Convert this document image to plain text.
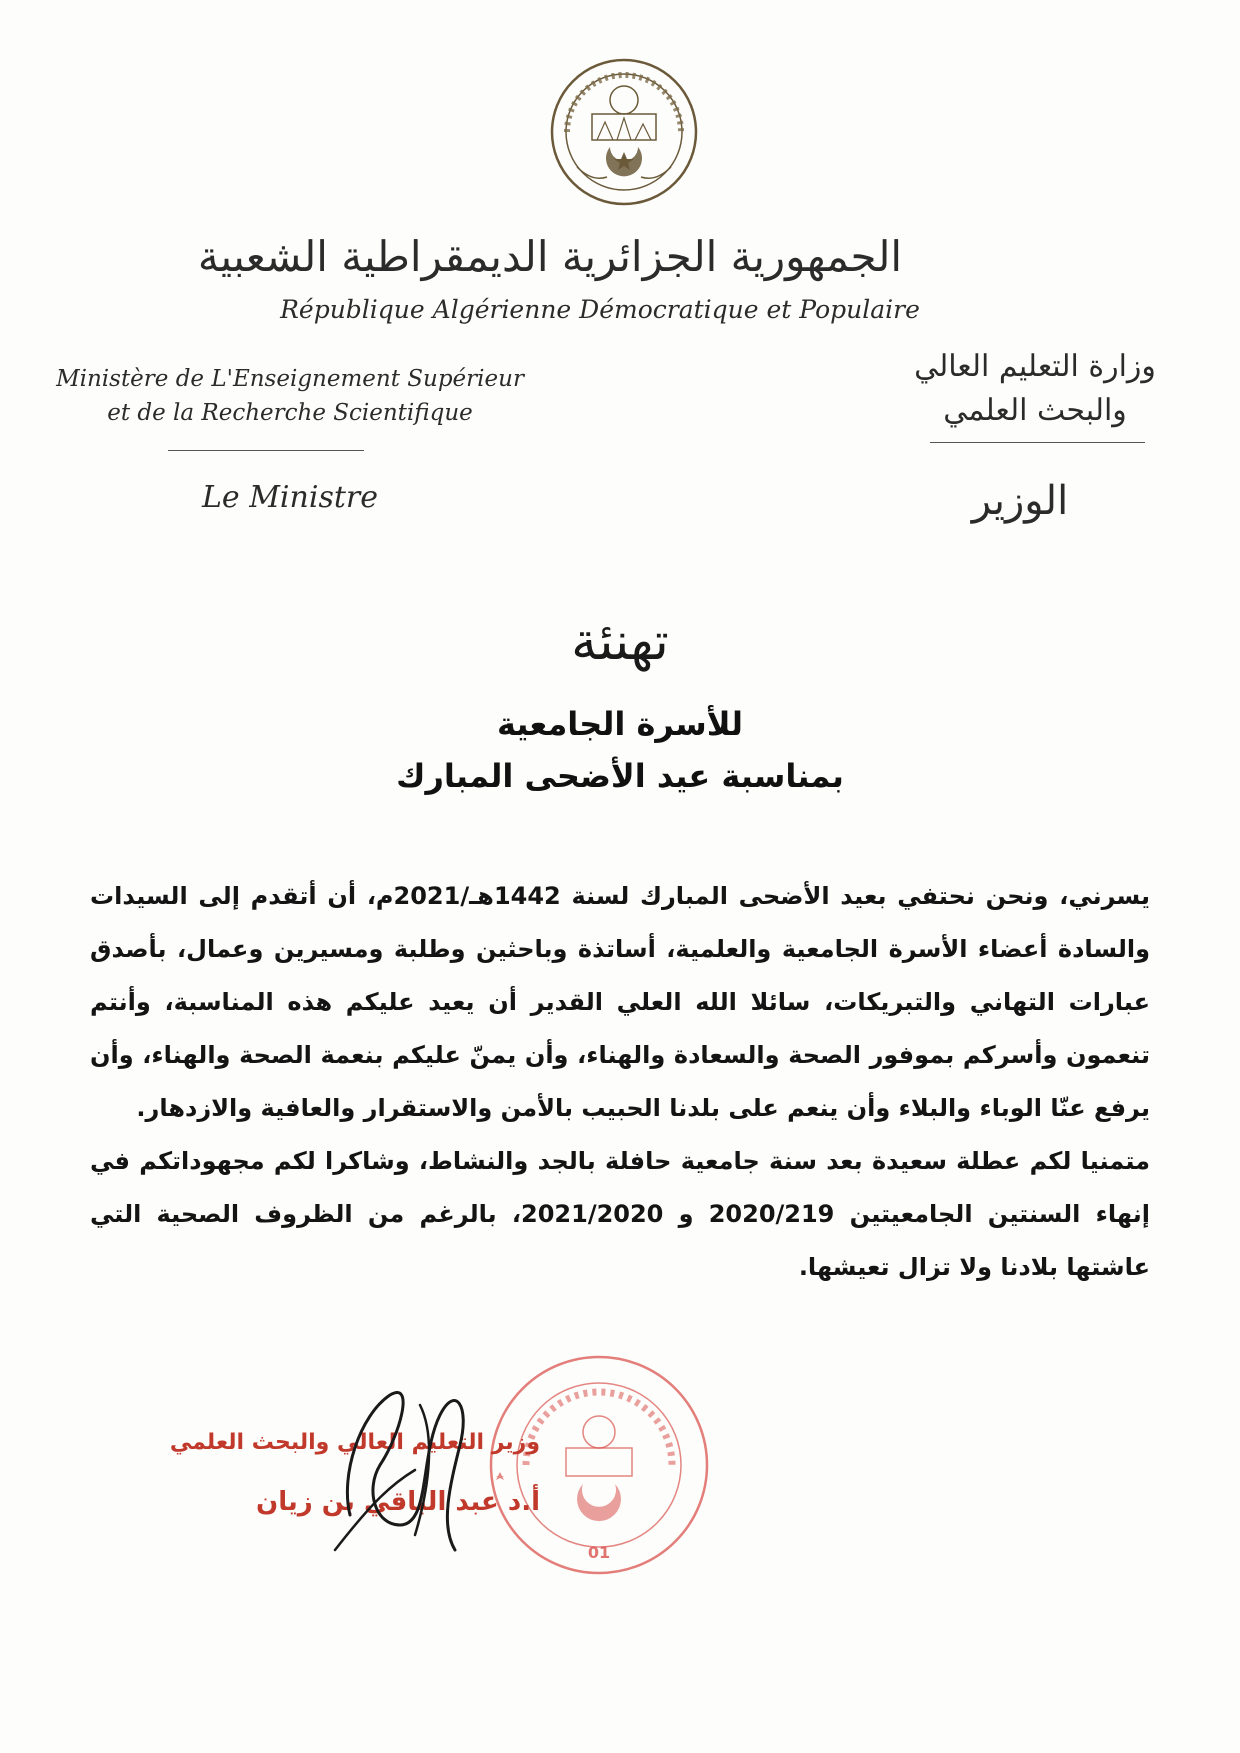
الجمهورية الجزائرية الديمقراطية الشعبية
République Algérienne Démocratique et Populaire
Ministère de L'Enseignement Supérieur
et de la Recherche Scientifique
Le Ministre
وزارة التعليم العالي
والبحث العلمي
الوزير
تهنئة
للأسرة الجامعية
بمناسبة عيد الأضحى المبارك

يسرني، ونحن نحتفي بعيد الأضحى المبارك لسنة 1442هـ/2021م، أن أتقدم إلى السيدات والسادة أعضاء الأسرة الجامعية والعلمية، أساتذة وباحثين وطلبة ومسيرين وعمال، بأصدق عبارات التهاني والتبريكات، سائلا الله العلي القدير أن يعيد عليكم هذه المناسبة، وأنتم تنعمون وأسركم بموفور الصحة والسعادة والهناء، وأن يمنّ عليكم بنعمة الصحة والهناء، وأن يرفع عنّا الوباء والبلاء وأن ينعم على بلدنا الحبيب بالأمن والاستقرار والعافية والازدهار.

متمنيا لكم عطلة سعيدة بعد سنة جامعية حافلة بالجد والنشاط، وشاكرا لكم مجهوداتكم في إنهاء السنتين الجامعيتين 2020/219 و 2021/2020، بالرغم من الظروف الصحية التي عاشتها بلادنا ولا تزال تعيشها.

01
وزير التعليم العالي والبحث العلمي
أ.د عبد الباقي بن زيان
